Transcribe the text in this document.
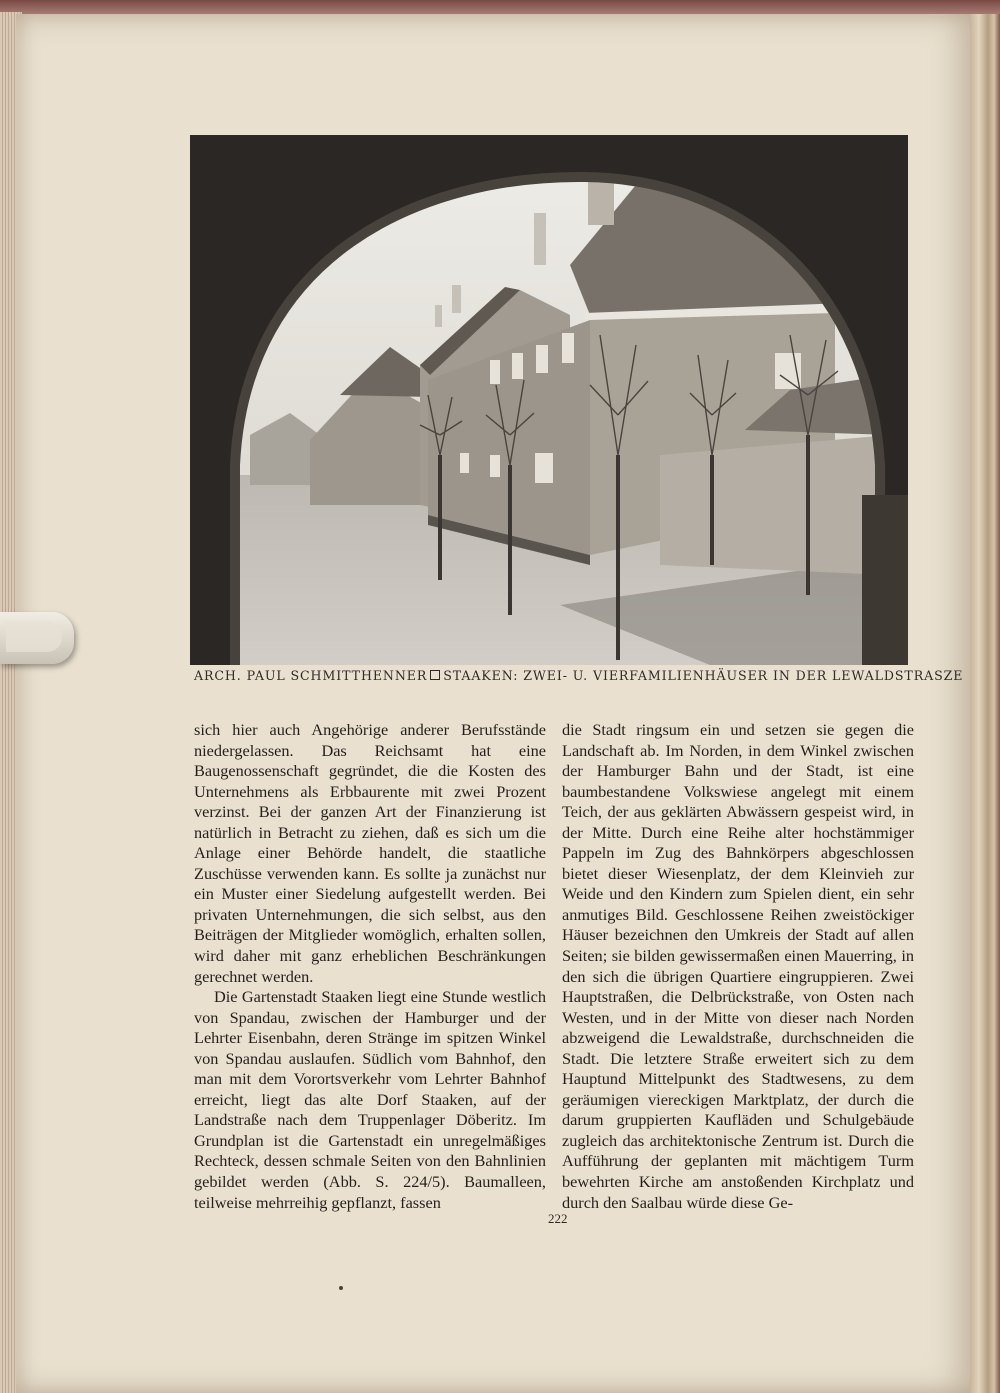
ARCH. PAUL SCHMITTHENNER STAAKEN: ZWEI- U. VIERFAMILIENHÄUSER IN DER LEWALDSTRASZE

sich hier auch Angehörige anderer Berufsstände niedergelassen. Das Reichsamt hat eine Baugenossenschaft gegründet, die die Kosten des Unternehmens als Erbbaurente mit zwei Prozent verzinst. Bei der ganzen Art der Finanzierung ist natürlich in Betracht zu ziehen, daß es sich um die Anlage einer Behörde handelt, die staatliche Zuschüsse verwenden kann. Es sollte ja zunächst nur ein Muster einer Siedelung aufgestellt werden. Bei privaten Unternehmungen, die sich selbst, aus den Beiträgen der Mitglieder womöglich, erhalten sollen, wird daher mit ganz erheblichen Beschränkungen gerechnet werden.

Die Gartenstadt Staaken liegt eine Stunde westlich von Spandau, zwischen der Hamburger und der Lehrter Eisenbahn, deren Stränge im spitzen Winkel von Spandau auslaufen. Südlich vom Bahnhof, den man mit dem Vorortsverkehr vom Lehrter Bahnhof erreicht, liegt das alte Dorf Staaken, auf der Landstraße nach dem Truppenlager Döberitz. Im Grundplan ist die Gartenstadt ein unregelmäßiges Rechteck, dessen schmale Seiten von den Bahnlinien gebildet werden (Abb. S. 224/5). Baumalleen, teilweise mehrreihig gepflanzt, fassen

die Stadt ringsum ein und setzen sie gegen die Landschaft ab. Im Norden, in dem Winkel zwischen der Hamburger Bahn und der Stadt, ist eine baumbestandene Volkswiese angelegt mit einem Teich, der aus geklärten Abwässern gespeist wird, in der Mitte. Durch eine Reihe alter hochstämmiger Pappeln im Zug des Bahnkörpers abgeschlossen bietet dieser Wiesenplatz, der dem Kleinvieh zur Weide und den Kindern zum Spielen dient, ein sehr anmutiges Bild. Geschlossene Reihen zweistöckiger Häuser bezeichnen den Umkreis der Stadt auf allen Seiten; sie bilden gewissermaßen einen Mauerring, in den sich die übrigen Quartiere eingruppieren. Zwei Hauptstraßen, die Delbrückstraße, von Osten nach Westen, und in der Mitte von dieser nach Norden abzweigend die Lewaldstraße, durchschneiden die Stadt. Die letztere Straße erweitert sich zu dem Hauptund Mittelpunkt des Stadtwesens, zu dem geräumigen viereckigen Marktplatz, der durch die darum gruppierten Kaufläden und Schulgebäude zugleich das architektonische Zentrum ist. Durch die Aufführung der geplanten mit mächtigem Turm bewehrten Kirche am anstoßenden Kirchplatz und durch den Saalbau würde diese Ge-

222
